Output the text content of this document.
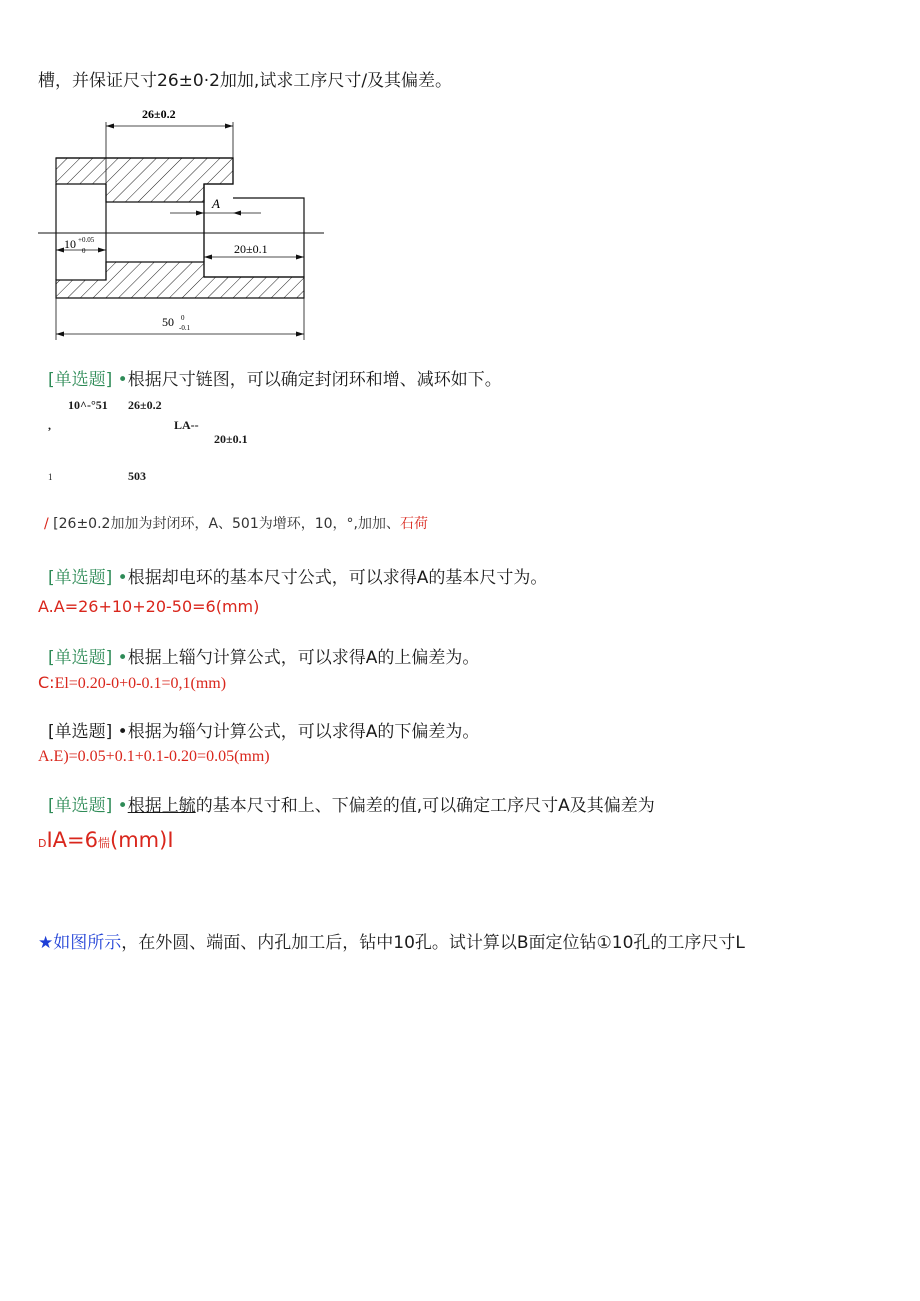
槽，并保证尺寸26±0·2加加,试求工序尺寸/及其偏差。
26±0.2
A
10 +0.05
0	20±0.1
50 0
-0.1
[单选题] •根据尺寸链图，可以确定封闭环和增、减环如下。
10^-°51 26±0.2
,	LA--
20±0.1
1	503
/ [26±0.2加加为封闭环，A、501为增环，10，°,加加、石荷
[单选题] •根据却电环的基本尺寸公式，可以求得A的基本尺寸为。
A.A=26+10+20-50=6(mm)
[单选题] •根据上辎勺计算公式，可以求得A的上偏差为。
C:El=0.20-0+0-0.1=0,1(mm)
[单选题] •根据为辎勺计算公式，可以求得A的下偏差为。
A.E)=0.05+0.1+0.1-0.20=0.05(mm)
[单选题] •根据上毓的基本尺寸和上、下偏差的值,可以确定工序尺寸A及其偏差为
DIA=6惴(mm)I
★如图所示，在外圆、端面、内孔加工后，钻中10孔。试计算以B面定位钻①10孔的工序尺寸L
